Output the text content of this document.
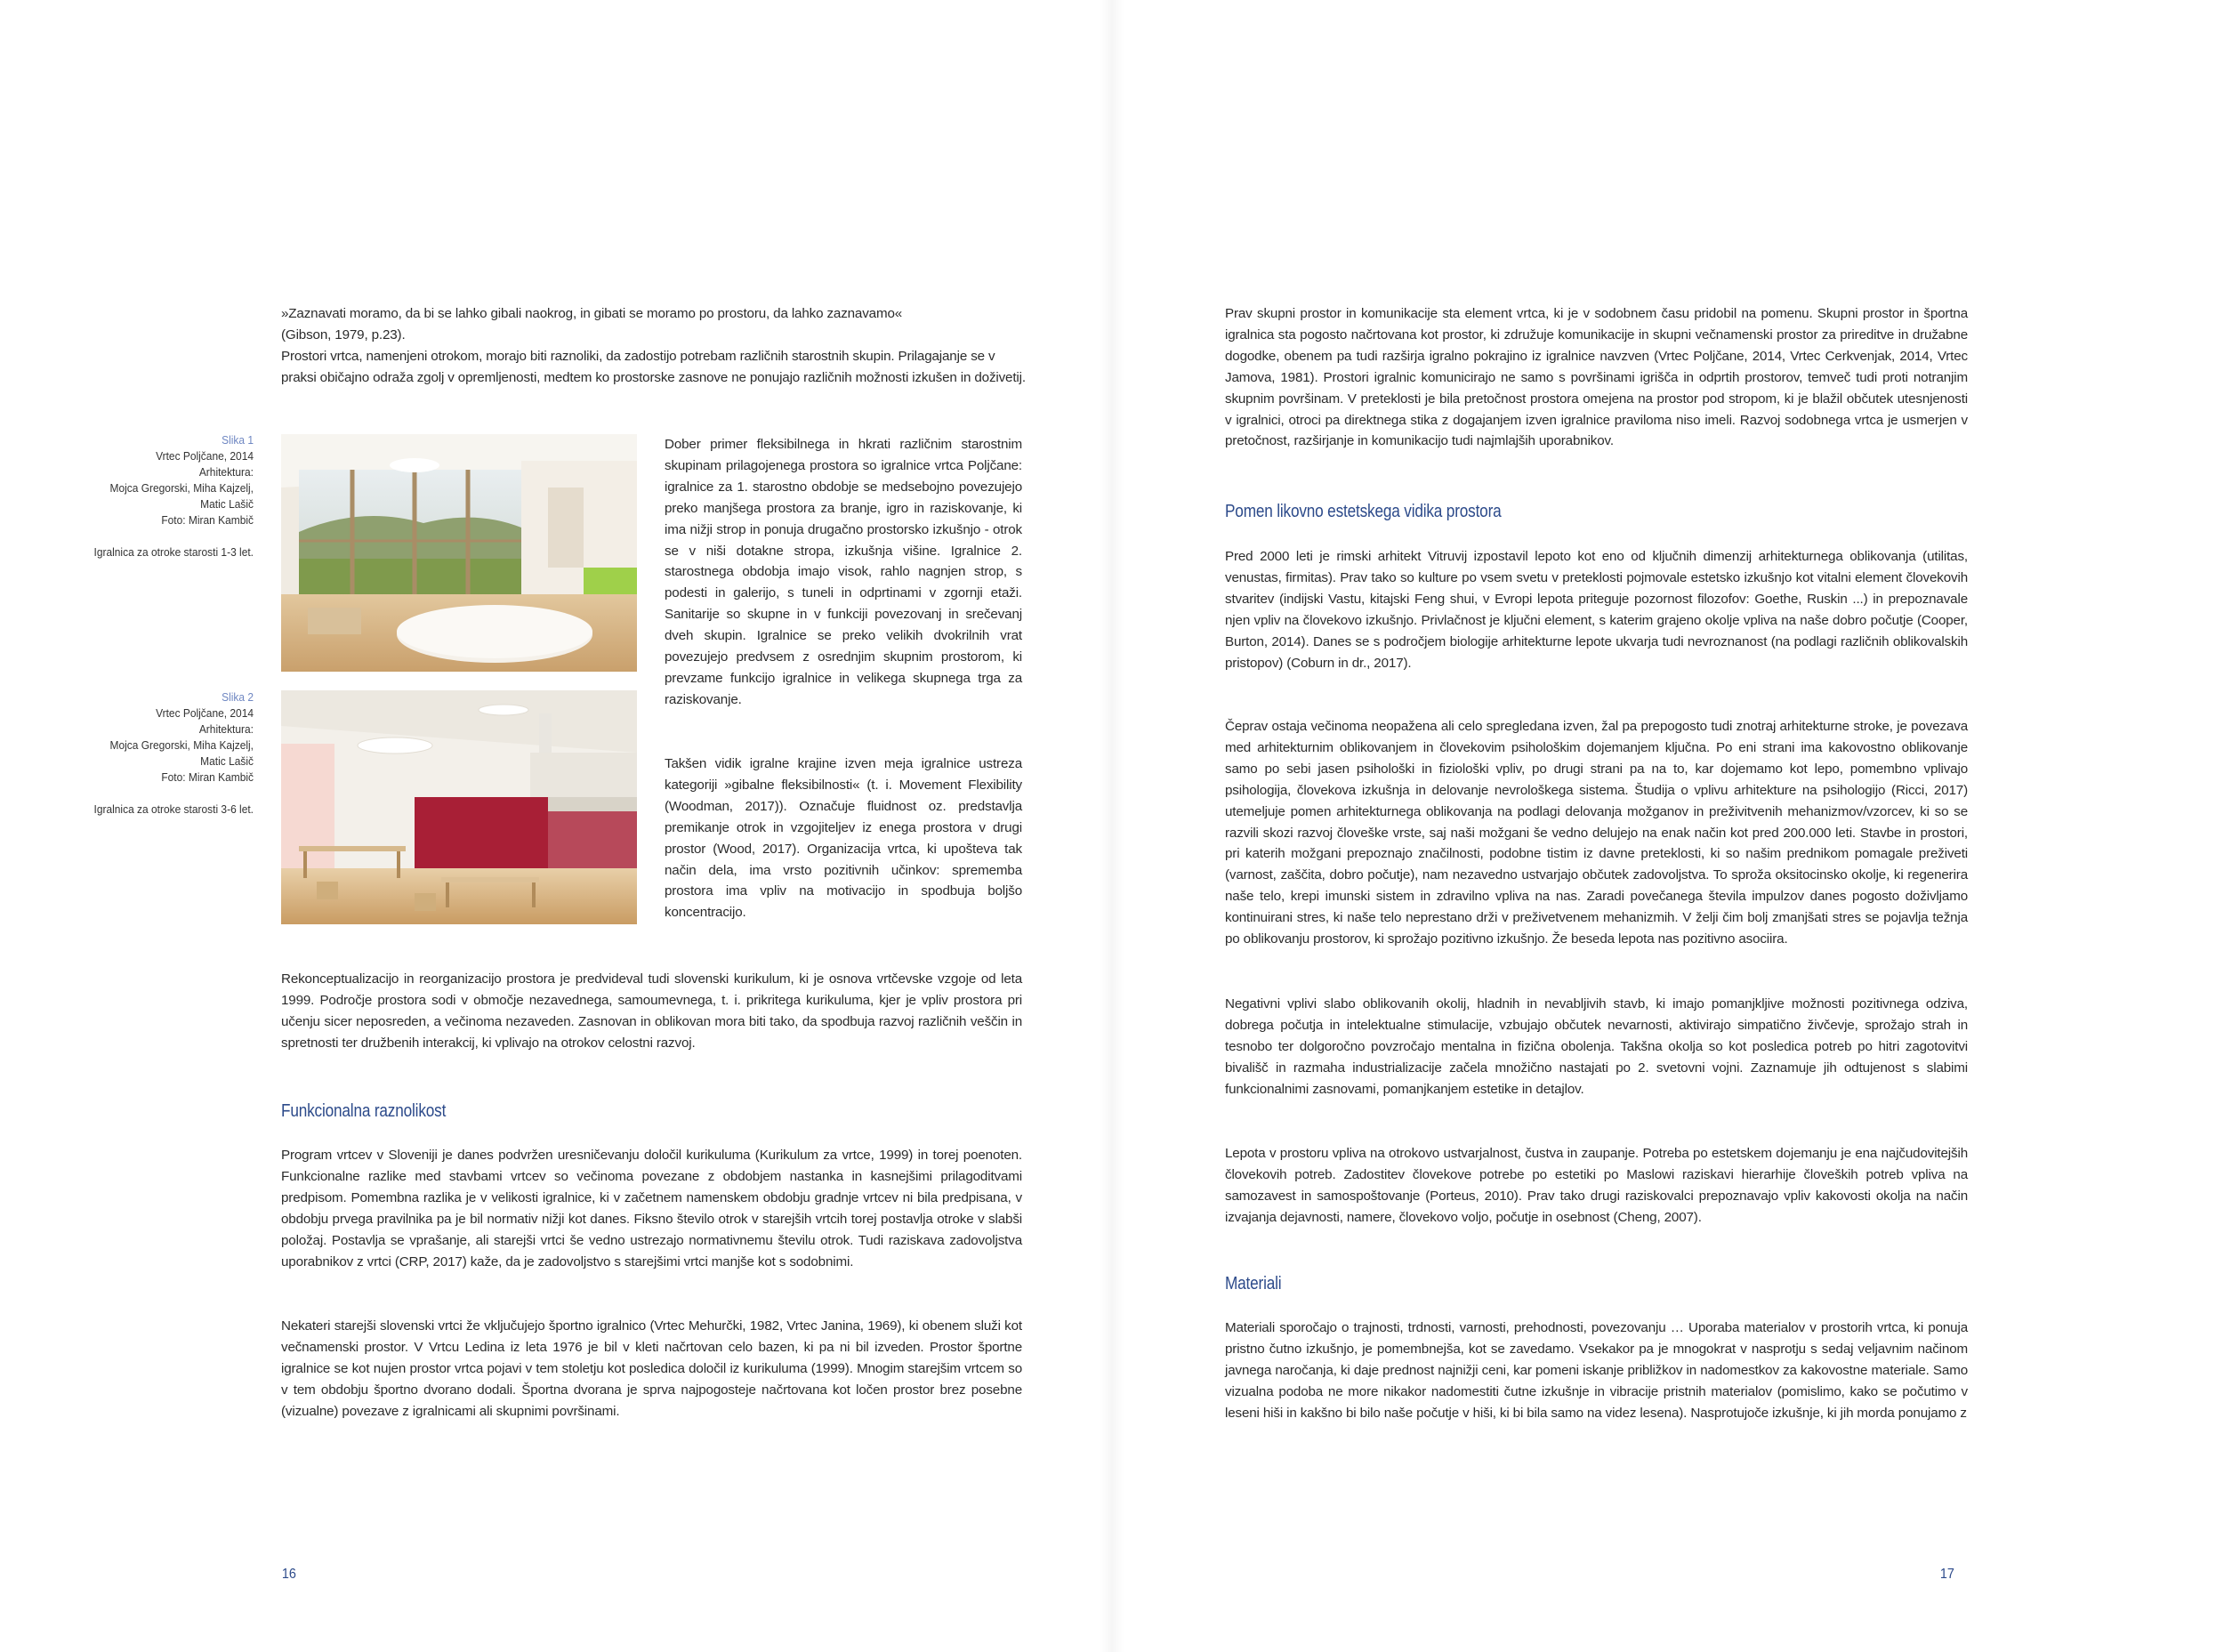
»Zaznavati moramo, da bi se lahko gibali naokrog, in gibati se moramo po prostoru, da lahko zaznavamo«
(Gibson, 1979, p.23).

Prostori vrtca, namenjeni otrokom, morajo biti raznoliki, da zadostijo potrebam različnih starostnih skupin. Prilagajanje se v praksi običajno odraža zgolj v opremljenosti, medtem ko prostorske zasnove ne ponujajo različnih možnosti izkušen in doživetij.

Slika 1
Vrtec Poljčane, 2014
Arhitektura:
Mojca Gregorski, Miha Kajzelj,
Matic Lašič
Foto: Miran Kambič
Igralnica za otroke starosti 1-3 let.
Slika 2
Vrtec Poljčane, 2014
Arhitektura:
Mojca Gregorski, Miha Kajzelj,
Matic Lašič
Foto: Miran Kambič
Igralnica za otroke starosti 3-6 let.

Dober primer fleksibilnega in hkrati različnim starostnim skupinam prilagojenega prostora so igralnice vrtca Poljčane: igralnice za 1. starostno obdobje se medsebojno povezujejo preko manjšega prostora za branje, igro in raziskovanje, ki ima nižji strop in ponuja drugačno prostorsko izkušnjo - otrok se v niši dotakne stropa, izkušnja višine. Igralnice 2. starostnega obdobja imajo visok, rahlo nagnjen strop, s podesti in galerijo, s tuneli in odprtinami v zgornji etaži. Sanitarije so skupne in v funkciji povezovanj in srečevanj dveh skupin. Igralnice se preko velikih dvokrilnih vrat povezujejo predvsem z osrednjim skupnim prostorom, ki prevzame funkcijo igralnice in velikega skupnega trga za raziskovanje.

Takšen vidik igralne krajine izven meja igralnice ustreza kategoriji »gibalne fleksibilnosti« (t. i. Movement Flexibility (Woodman, 2017)). Označuje fluidnost oz. predstavlja premikanje otrok in vzgojiteljev iz enega prostora v drugi prostor (Wood, 2017). Organizacija vrtca, ki upošteva tak način dela, ima vrsto pozitivnih učinkov: sprememba prostora ima vpliv na motivacijo in spodbuja boljšo koncentracijo.

Rekonceptualizacijo in reorganizacijo prostora je predvideval tudi slovenski kurikulum, ki je osnova vrtčevske vzgoje od leta 1999. Področje prostora sodi v območje nezavednega, samoumevnega, t. i. prikritega kurikuluma, kjer je vpliv prostora pri učenju sicer neposreden, a večinoma nezaveden. Zasnovan in oblikovan mora biti tako, da spodbuja razvoj različnih veščin in spretnosti ter družbenih interakcij, ki vplivajo na otrokov celostni razvoj.

Funkcionalna raznolikost

Program vrtcev v Sloveniji je danes podvržen uresničevanju določil kurikuluma (Kurikulum za vrtce, 1999) in torej poenoten. Funkcionalne razlike med stavbami vrtcev so večinoma povezane z obdobjem nastanka in kasnejšimi prilagoditvami predpisom. Pomembna razlika je v velikosti igralnice, ki v začetnem namenskem obdobju gradnje vrtcev ni bila predpisana, v obdobju prvega pravilnika pa je bil normativ nižji kot danes. Fiksno število otrok v starejših vrtcih torej postavlja otroke v slabši položaj. Postavlja se vprašanje, ali starejši vrtci še vedno ustrezajo normativnemu številu otrok. Tudi raziskava zadovoljstva uporabnikov z vrtci (CRP, 2017) kaže, da je zadovoljstvo s starejšimi vrtci manjše kot s sodobnimi.

Nekateri starejši slovenski vrtci že vključujejo športno igralnico (Vrtec Mehurčki, 1982, Vrtec Janina, 1969), ki obenem služi kot večnamenski prostor. V Vrtcu Ledina iz leta 1976 je bil v kleti načrtovan celo bazen, ki pa ni bil izveden. Prostor športne igralnice se kot nujen prostor vrtca pojavi v tem stoletju kot posledica določil iz kurikuluma (1999). Mnogim starejšim vrtcem so v tem obdobju športno dvorano dodali. Športna dvorana je sprva najpogosteje načrtovana kot ločen prostor brez posebne (vizualne) povezave z igralnicami ali skupnimi površinami.

16

Prav skupni prostor in komunikacije sta element vrtca, ki je v sodobnem času pridobil na pomenu. Skupni prostor in športna igralnica sta pogosto načrtovana kot prostor, ki združuje komunikacije in skupni večnamenski prostor za prireditve in družabne dogodke, obenem pa tudi razširja igralno pokrajino iz igralnice navzven (Vrtec Poljčane, 2014, Vrtec Cerkvenjak, 2014, Vrtec Jamova, 1981). Prostori igralnic komunicirajo ne samo s površinami igrišča in odprtih prostorov, temveč tudi proti notranjim skupnim površinam. V preteklosti je bila pretočnost prostora omejena na prostor pod stropom, ki je blažil občutek utesnjenosti v igralnici, otroci pa direktnega stika z dogajanjem izven igralnice praviloma niso imeli. Razvoj sodobnega vrtca je usmerjen v pretočnost, razširjanje in komunikacijo tudi najmlajših uporabnikov.

Pomen likovno estetskega vidika prostora

Pred 2000 leti je rimski arhitekt Vitruvij izpostavil lepoto kot eno od ključnih dimenzij arhitekturnega oblikovanja (utilitas, venustas, firmitas). Prav tako so kulture po vsem svetu v preteklosti pojmovale estetsko izkušnjo kot vitalni element človekovih stvaritev (indijski Vastu, kitajski Feng shui, v Evropi lepota priteguje pozornost filozofov: Goethe, Ruskin ...) in prepoznavale njen vpliv na človekovo izkušnjo. Privlačnost je ključni element, s katerim grajeno okolje vpliva na naše dobro počutje (Cooper, Burton, 2014). Danes se s področjem biologije arhitekturne lepote ukvarja tudi nevroznanost (na podlagi različnih oblikovalskih pristopov) (Coburn in dr., 2017).

Čeprav ostaja večinoma neopažena ali celo spregledana izven, žal pa prepogosto tudi znotraj arhitekturne stroke, je povezava med arhitekturnim oblikovanjem in človekovim psihološkim dojemanjem ključna. Po eni strani ima kakovostno oblikovanje samo po sebi jasen psihološki in fiziološki vpliv, po drugi strani pa na to, kar dojemamo kot lepo, pomembno vplivajo psihologija, človekova izkušnja in delovanje nevrološkega sistema. Študija o vplivu arhitekture na psihologijo (Ricci, 2017) utemeljuje pomen arhitekturnega oblikovanja na podlagi delovanja možganov in preživitvenih mehanizmov/vzorcev, ki so se razvili skozi razvoj človeške vrste, saj naši možgani še vedno delujejo na enak način kot pred 200.000 leti. Stavbe in prostori, pri katerih možgani prepoznajo značilnosti, podobne tistim iz davne preteklosti, ki so našim prednikom pomagale preživeti (varnost, zaščita, dobro počutje), nam nezavedno ustvarjajo občutek zadovoljstva. To sproža oksitocinsko okolje, ki regenerira naše telo, krepi imunski sistem in zdravilno vpliva na nas. Zaradi povečanega števila impulzov danes pogosto doživljamo kontinuirani stres, ki naše telo neprestano drži v preživetvenem mehanizmih. V želji čim bolj zmanjšati stres se pojavlja težnja po oblikovanju prostorov, ki sprožajo pozitivno izkušnjo. Že beseda lepota nas pozitivno asociira.

Negativni vplivi slabo oblikovanih okolij, hladnih in nevabljivih stavb, ki imajo pomanjkljive možnosti pozitivnega odziva, dobrega počutja in intelektualne stimulacije, vzbujajo občutek nevarnosti, aktivirajo simpatično živčevje, sprožajo strah in tesnobo ter dolgoročno povzročajo mentalna in fizična obolenja. Takšna okolja so kot posledica potreb po hitri zagotovitvi bivališč in razmaha industrializacije začela množično nastajati po 2. svetovni vojni. Zaznamuje jih odtujenost s slabimi funkcionalnimi zasnovami, pomanjkanjem estetike in detajlov.

Lepota v prostoru vpliva na otrokovo ustvarjalnost, čustva in zaupanje. Potreba po estetskem dojemanju je ena najčudovitejših človekovih potreb. Zadostitev človekove potrebe po estetiki po Maslowi raziskavi hierarhije človeških potreb vpliva na samozavest in samospoštovanje (Porteus, 2010). Prav tako drugi raziskovalci prepoznavajo vpliv kakovosti okolja na način izvajanja dejavnosti, namere, človekovo voljo, počutje in osebnost (Cheng, 2007).

Materiali

Materiali sporočajo o trajnosti, trdnosti, varnosti, prehodnosti, povezovanju … Uporaba materialov v prostorih vrtca, ki ponuja pristno čutno izkušnjo, je pomembnejša, kot se zavedamo. Vsekakor pa je mnogokrat v nasprotju s sedaj veljavnim načinom javnega naročanja, ki daje prednost najnižji ceni, kar pomeni iskanje približkov in nadomestkov za kakovostne materiale. Samo vizualna podoba ne more nikakor nadomestiti čutne izkušnje in vibracije pristnih materialov (pomislimo, kako se počutimo v leseni hiši in kakšno bi bilo naše počutje v hiši, ki bi bila samo na videz lesena). Nasprotujoče izkušnje, ki jih morda ponujamo z

17
